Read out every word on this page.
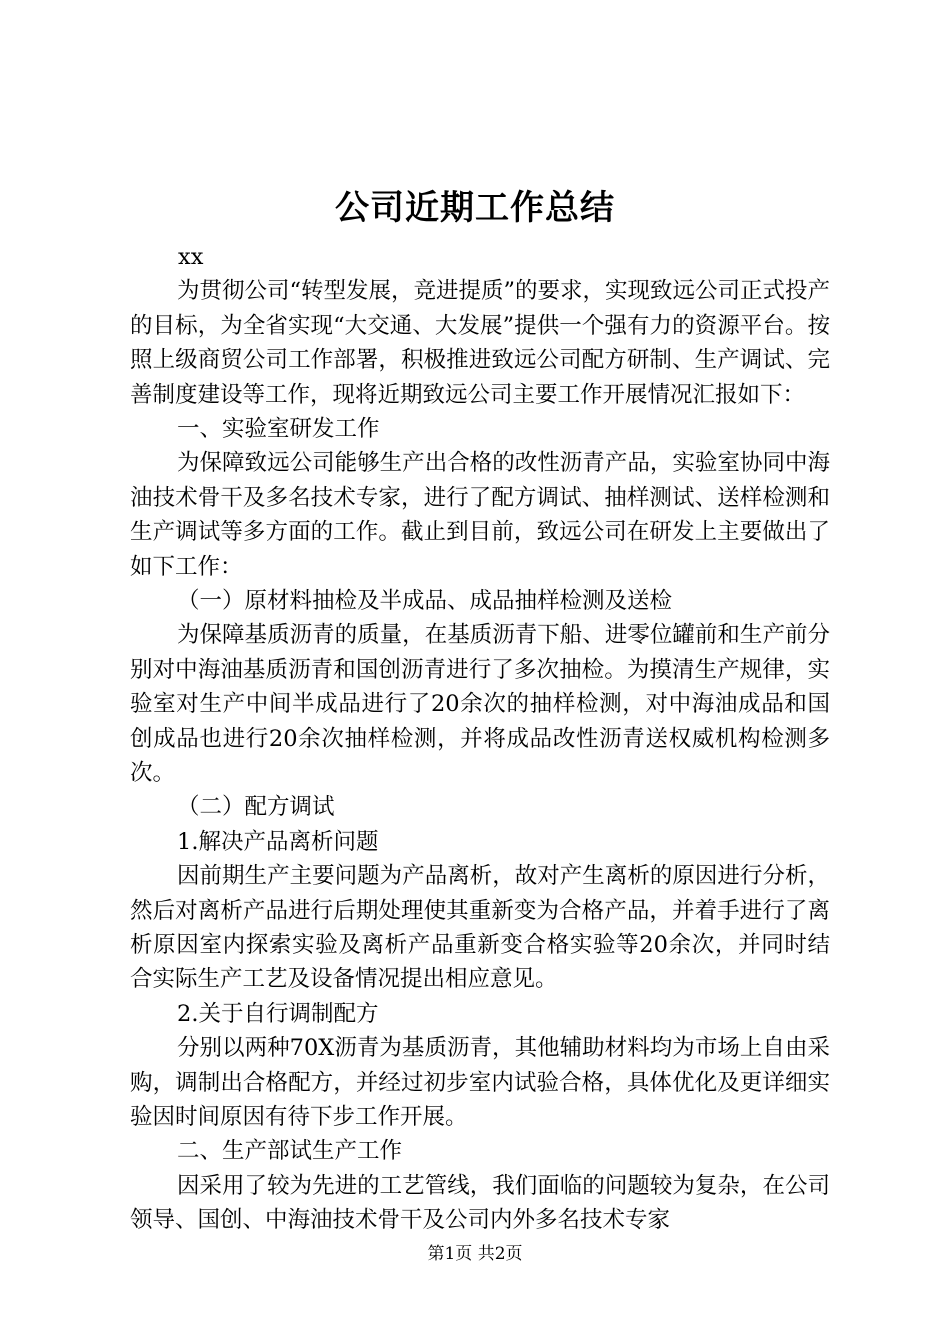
公司近期工作总结
xx
为贯彻公司“转型发展，竞进提质”的要求，实现致远公司正式投产的目标，为全省实现“大交通、大发展”提供一个强有力的资源平台。按照上级商贸公司工作部署，积极推进致远公司配方研制、生产调试、完善制度建设等工作，现将近期致远公司主要工作开展情况汇报如下：
一、实验室研发工作
为保障致远公司能够生产出合格的改性沥青产品，实验室协同中海油技术骨干及多名技术专家，进行了配方调试、抽样测试、送样检测和生产调试等多方面的工作。截止到目前，致远公司在研发上主要做出了如下工作：
（一）原材料抽检及半成品、成品抽样检测及送检
为保障基质沥青的质量，在基质沥青下船、进零位罐前和生产前分别对中海油基质沥青和国创沥青进行了多次抽检。为摸清生产规律，实验室对生产中间半成品进行了20余次的抽样检测，对中海油成品和国创成品也进行20余次抽样检测，并将成品改性沥青送权威机构检测多次。
（二）配方调试
1.解决产品离析问题
因前期生产主要问题为产品离析，故对产生离析的原因进行分析，然后对离析产品进行后期处理使其重新变为合格产品，并着手进行了离析原因室内探索实验及离析产品重新变合格实验等20余次，并同时结合实际生产工艺及设备情况提出相应意见。
2.关于自行调制配方
分别以两种70X沥青为基质沥青，其他辅助材料均为市场上自由采购，调制出合格配方，并经过初步室内试验合格，具体优化及更详细实验因时间原因有待下步工作开展。
二、生产部试生产工作
因采用了较为先进的工艺管线，我们面临的问题较为复杂，在公司领导、国创、中海油技术骨干及公司内外多名技术专家
第1页 共2页
